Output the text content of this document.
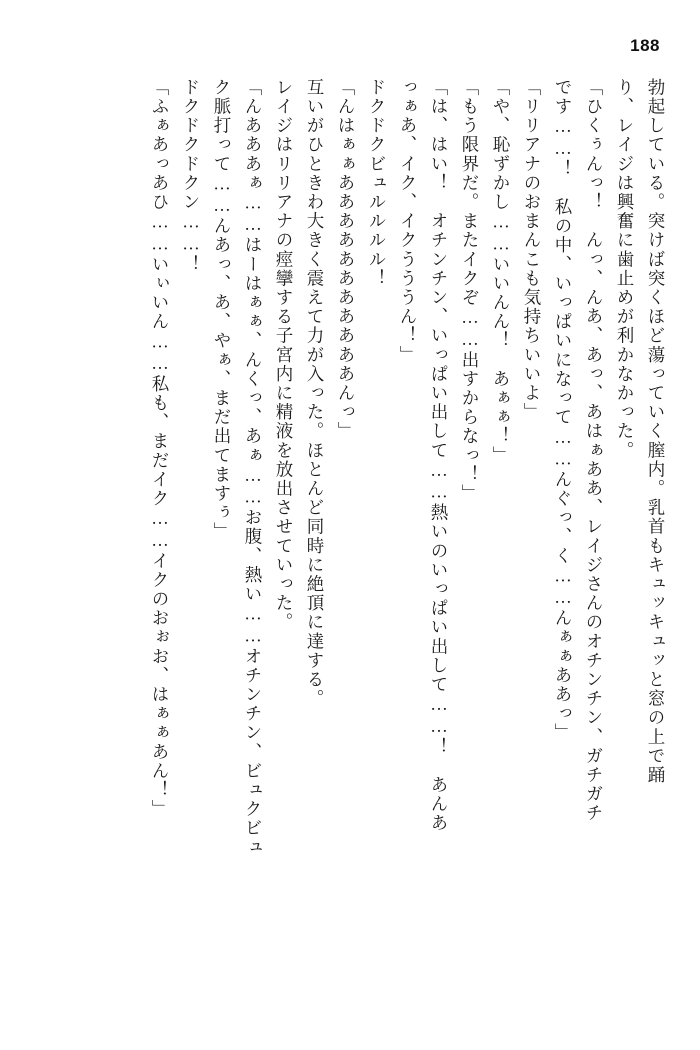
188
勃起している。突けば突くほど蕩っていく膣内。乳首もキュッキュッと窓の上で踊
り、レイジは興奮に歯止めが利かなかった。
「ひくぅんっ！　んっ、んあ、あっ、あはぁああ、レイジさんのオチンチン、ガチガチ
です……！　私の中、いっぱいになって……んぐっ、く……んぁぁああっ」
「リリアナのおまんこも気持ちいいよ」
「や、恥ずかし……いいんん！　あぁぁ！」
「もう限界だ。またイクぞ……出すからなっ！」
「は、はい！　オチンチン、いっぱい出して……熱いのいっぱい出して……！　あんあ
っぁあ、イク、イクうううん！」
ドクドクビュルルルル！
「んはぁぁあああああああああああんっ」
互いがひときわ大きく震えて力が入った。ほとんど同時に絶頂に達する。
レイジはリリアナの痙攣する子宮内に精液を放出させていった。
「んあああぁ……はーはぁぁ、んくっ、あぁ……お腹、熱い……オチンチン、ビュクビュ
ク脈打って……んあっ、あ、やぁ、まだ出てますぅ」
ドクドクドクン……！
「ふぁあっあひ……いぃいん……私も、まだイク……イクのおぉお、はぁぁあん！」
